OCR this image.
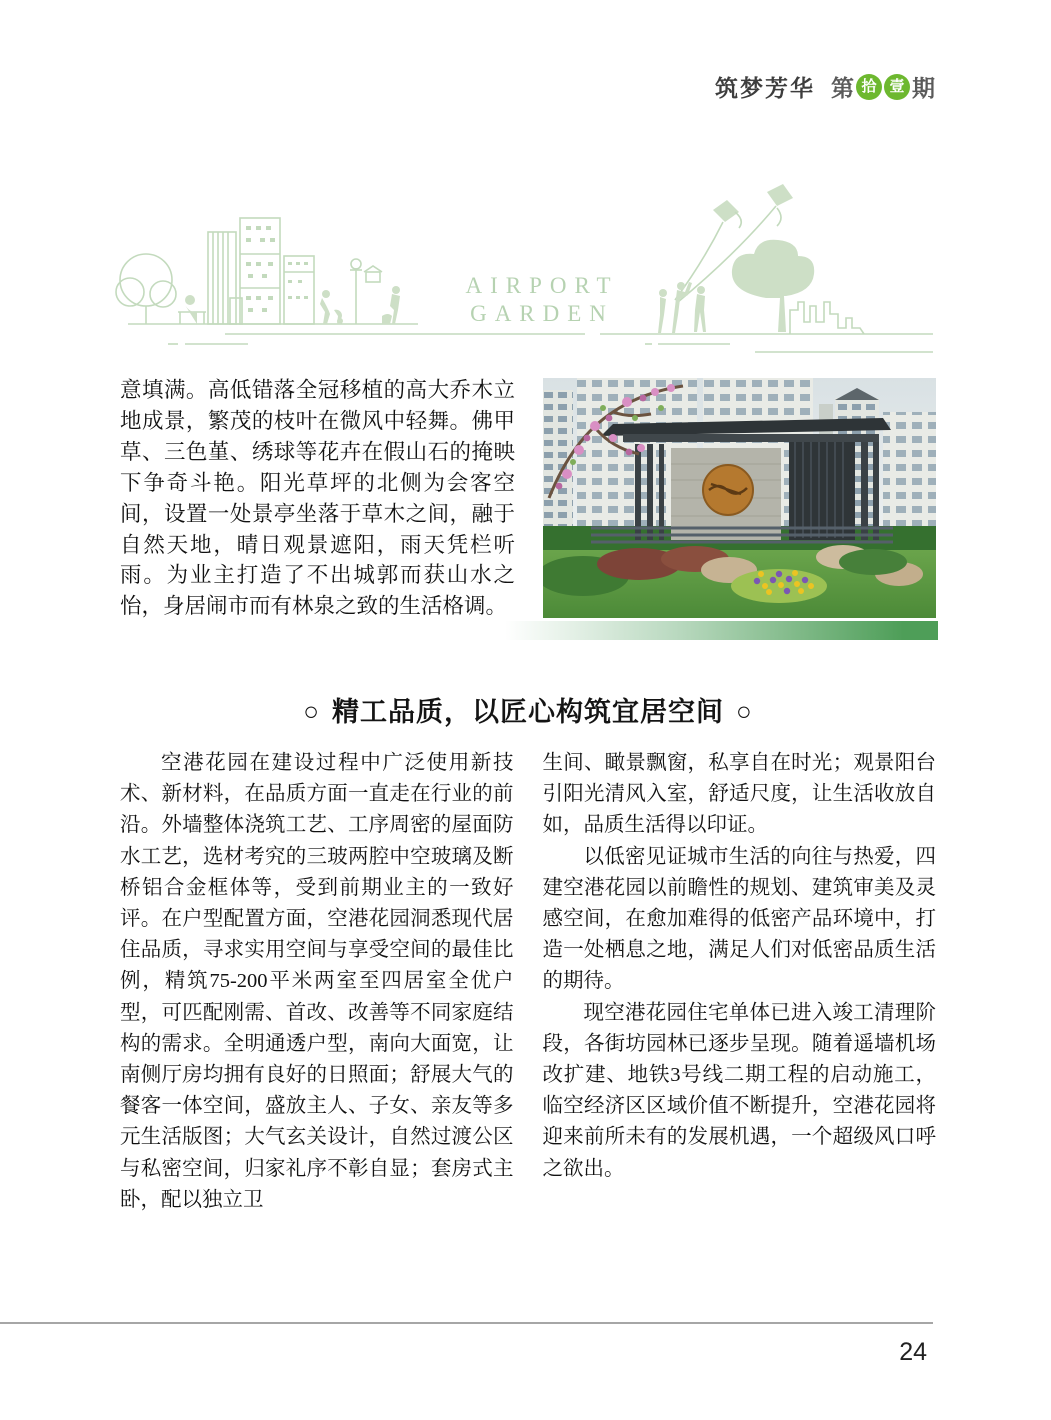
筑梦芳华 第 拾 壹 期
AIRPORT
GARDEN
意填满。高低错落全冠移植的高大乔木立地成景，繁茂的枝叶在微风中轻舞。佛甲草、三色堇、绣球等花卉在假山石的掩映下争奇斗艳。阳光草坪的北侧为会客空间，设置一处景亭坐落于草木之间，融于自然天地，晴日观景遮阳，雨天凭栏听雨。为业主打造了不出城郭而获山水之怡，身居闹市而有林泉之致的生活格调。
○ 精工品质，以匠心构筑宜居空间 ○

空港花园在建设过程中广泛使用新技术、新材料，在品质方面一直走在行业的前沿。外墙整体浇筑工艺、工序周密的屋面防水工艺，选材考究的三玻两腔中空玻璃及断桥铝合金框体等，受到前期业主的一致好评。在户型配置方面，空港花园洞悉现代居住品质，寻求实用空间与享受空间的最佳比例，精筑75-200平米两室至四居室全优户型，可匹配刚需、首改、改善等不同家庭结构的需求。全明通透户型，南向大面宽，让南侧厅房均拥有良好的日照面；舒展大气的餐客一体空间，盛放主人、子女、亲友等多元生活版图；大气玄关设计，自然过渡公区与私密空间，归家礼序不彰自显；套房式主卧，配以独立卫

生间、瞰景飘窗，私享自在时光；观景阳台引阳光清风入室，舒适尺度，让生活收放自如，品质生活得以印证。

以低密见证城市生活的向往与热爱，四建空港花园以前瞻性的规划、建筑审美及灵感空间，在愈加难得的低密产品环境中，打造一处栖息之地，满足人们对低密品质生活的期待。

现空港花园住宅单体已进入竣工清理阶段，各街坊园林已逐步呈现。随着遥墙机场改扩建、地铁3号线二期工程的启动施工，临空经济区区域价值不断提升，空港花园将迎来前所未有的发展机遇，一个超级风口呼之欲出。

24
